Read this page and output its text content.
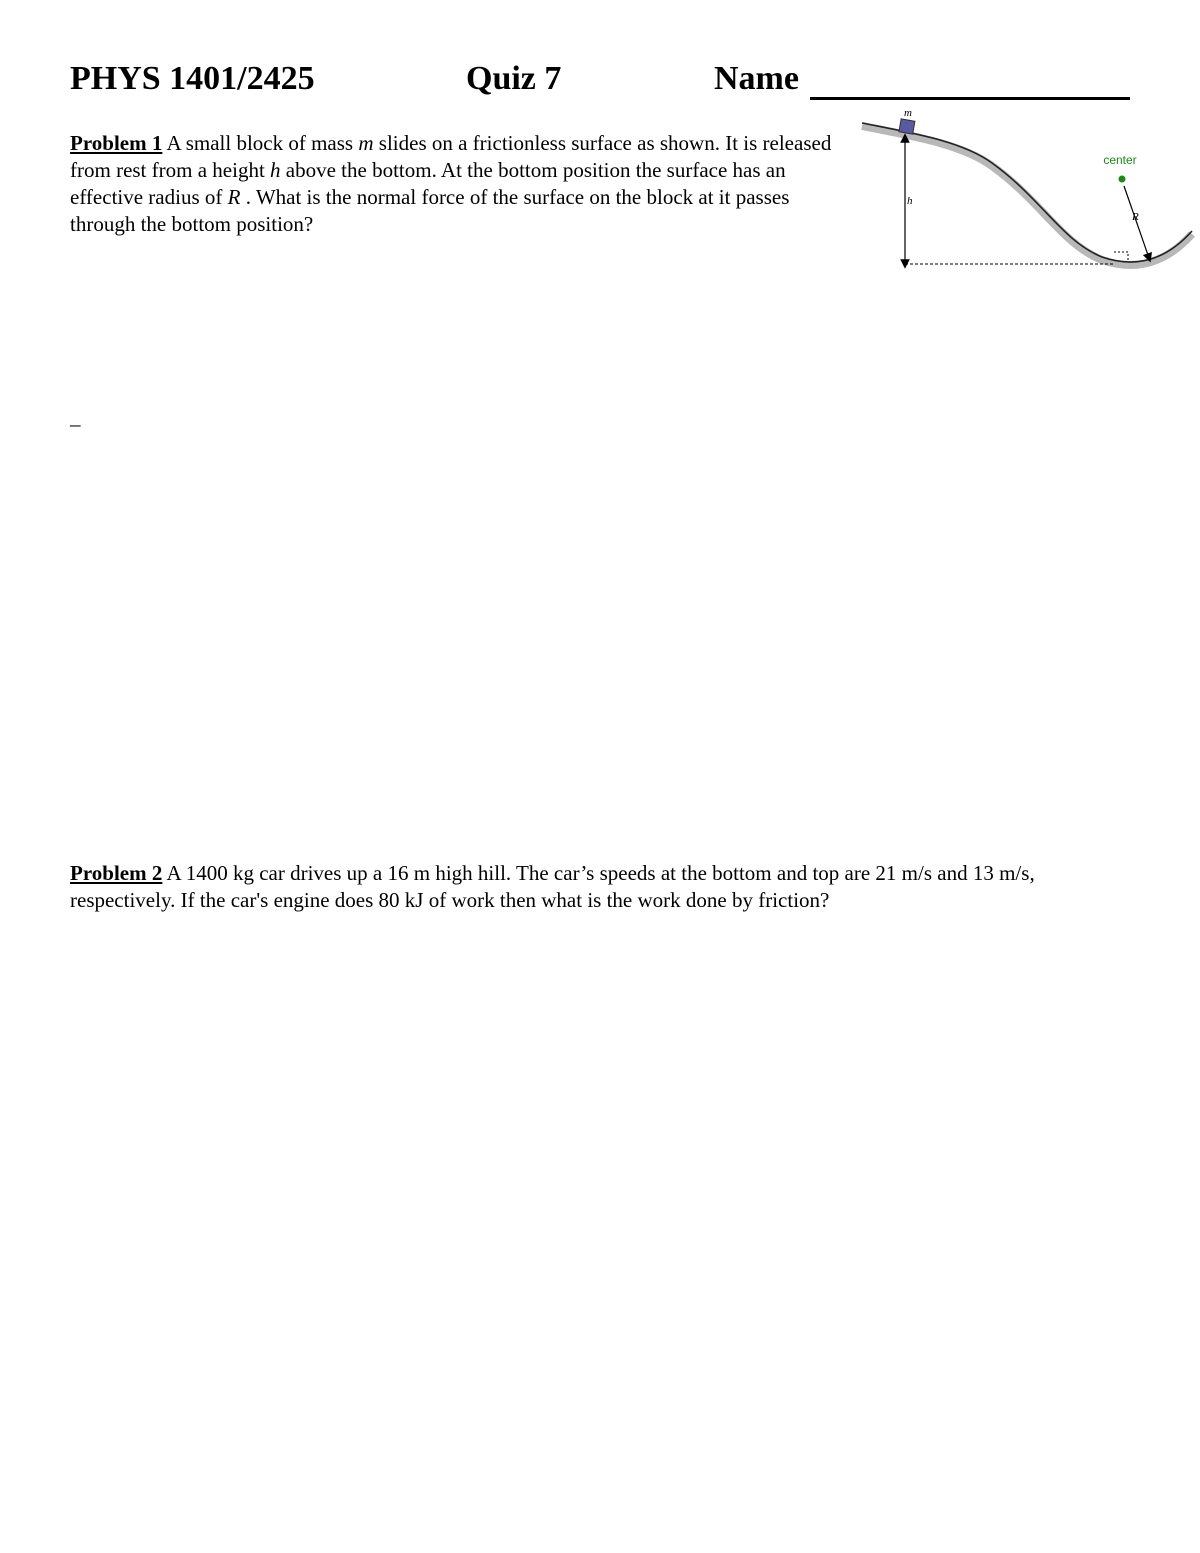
PHYS 1401/2425	Quiz 7	Name
Problem 1 A small block of mass m slides on a frictionless surface as shown. It is released from rest from a height h above the bottom. At the bottom position the surface has an effective radius of R . What is the normal force of the surface on the block at it passes through the bottom position?
m
h
center
R
_
Problem 2 A 1400 kg car drives up a 16 m high hill. The car’s speeds at the bottom and top are 21 m/s and 13 m/s, respectively. If the car's engine does 80 kJ of work then what is the work done by friction?
